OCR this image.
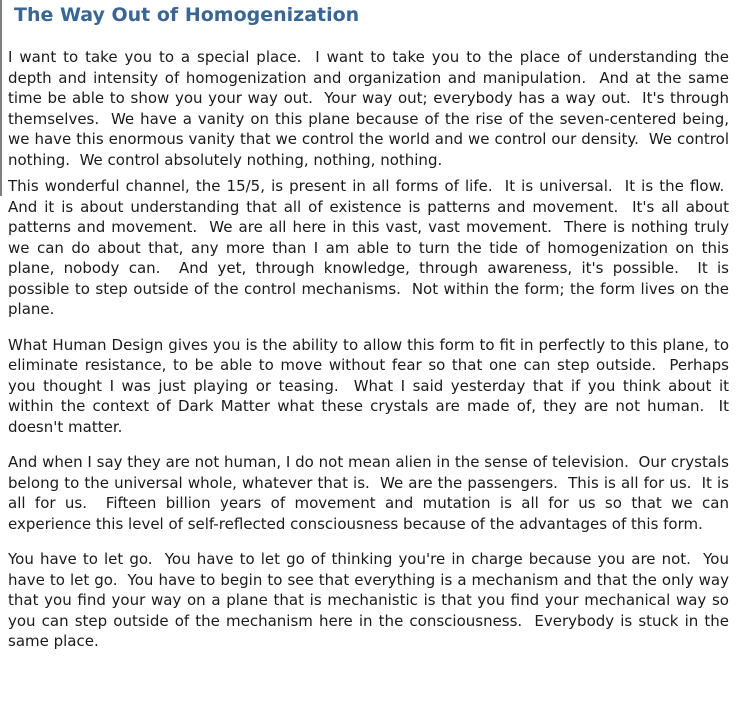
The Way Out of Homogenization

I want to take you to a special place.  I want to take you to the place of understanding the depth and intensity of homogenization and organization and manipulation.  And at the same time be able to show you your way out.  Your way out; everybody has a way out.  It's through themselves.  We have a vanity on this plane because of the rise of the seven-centered being, we have this enormous vanity that we control the world and we control our density.  We control nothing.  We control absolutely nothing, nothing, nothing.

This wonderful channel, the 15/5, is present in all forms of life.  It is universal.  It is the flow.  And it is about understanding that all of existence is patterns and movement.  It's all about patterns and movement.  We are all here in this vast, vast movement.  There is nothing truly we can do about that, any more than I am able to turn the tide of homogenization on this plane, nobody can.  And yet, through knowledge, through awareness, it's possible.  It is possible to step outside of the control mechanisms.  Not within the form; the form lives on the plane.

What Human Design gives you is the ability to allow this form to fit in perfectly to this plane, to eliminate resistance, to be able to move without fear so that one can step outside.  Perhaps you thought I was just playing or teasing.  What I said yesterday that if you think about it within the context of Dark Matter what these crystals are made of, they are not human.  It doesn't matter.

And when I say they are not human, I do not mean alien in the sense of television.  Our crystals belong to the universal whole, whatever that is.  We are the passengers.  This is all for us.  It is all for us.  Fifteen billion years of movement and mutation is all for us so that we can experience this level of self-reflected consciousness because of the advantages of this form.

You have to let go.  You have to let go of thinking you're in charge because you are not.  You have to let go.  You have to begin to see that everything is a mechanism and that the only way that you find your way on a plane that is mechanistic is that you find your mechanical way so you can step outside of the mechanism here in the consciousness.  Everybody is stuck in the same place.
